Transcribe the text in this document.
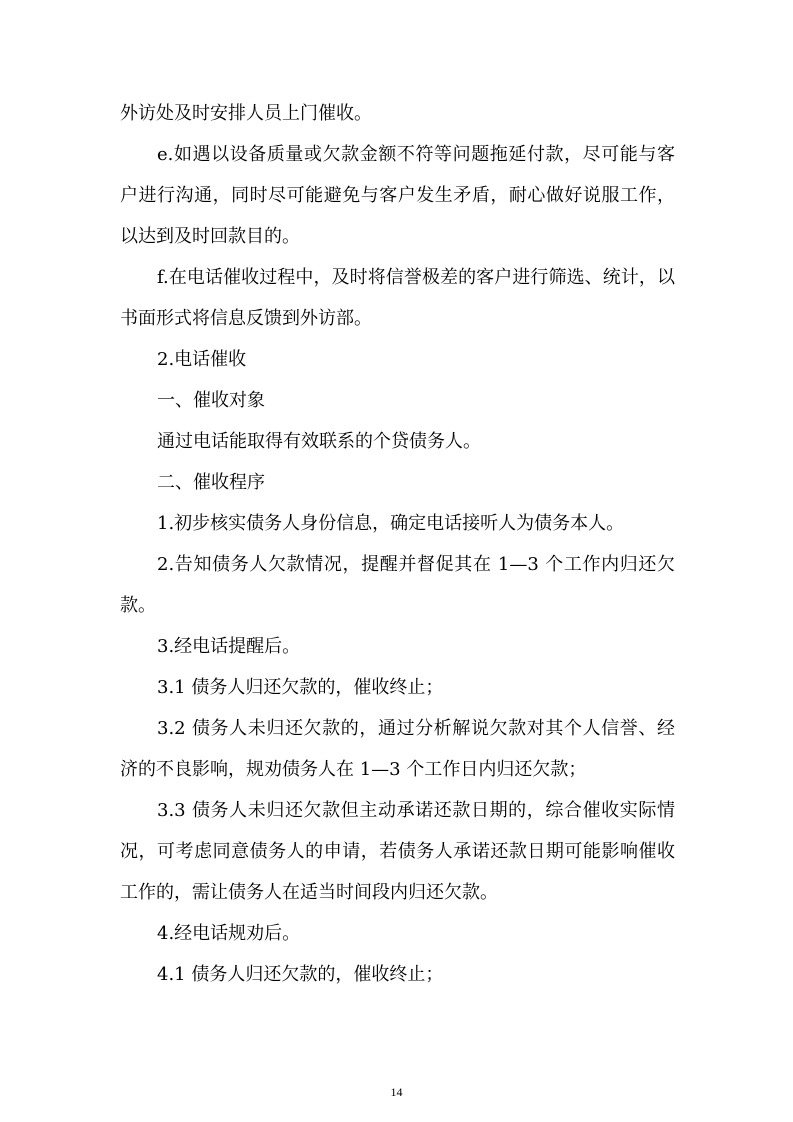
外访处及时安排人员上门催收。

e.如遇以设备质量或欠款金额不符等问题拖延付款，尽可能与客户进行沟通，同时尽可能避免与客户发生矛盾，耐心做好说服工作，以达到及时回款目的。

f.在电话催收过程中，及时将信誉极差的客户进行筛选、统计，以书面形式将信息反馈到外访部。

2.电话催收

一、催收对象

通过电话能取得有效联系的个贷债务人。

二、催收程序

1.初步核实债务人身份信息，确定电话接听人为债务本人。

2.告知债务人欠款情况，提醒并督促其在 1—3 个工作内归还欠款。

3.经电话提醒后。

3.1 债务人归还欠款的，催收终止；

3.2 债务人未归还欠款的，通过分析解说欠款对其个人信誉、经济的不良影响，规劝债务人在 1—3 个工作日内归还欠款；

3.3 债务人未归还欠款但主动承诺还款日期的，综合催收实际情况，可考虑同意债务人的申请，若债务人承诺还款日期可能影响催收工作的，需让债务人在适当时间段内归还欠款。

4.经电话规劝后。

4.1 债务人归还欠款的，催收终止；

14
